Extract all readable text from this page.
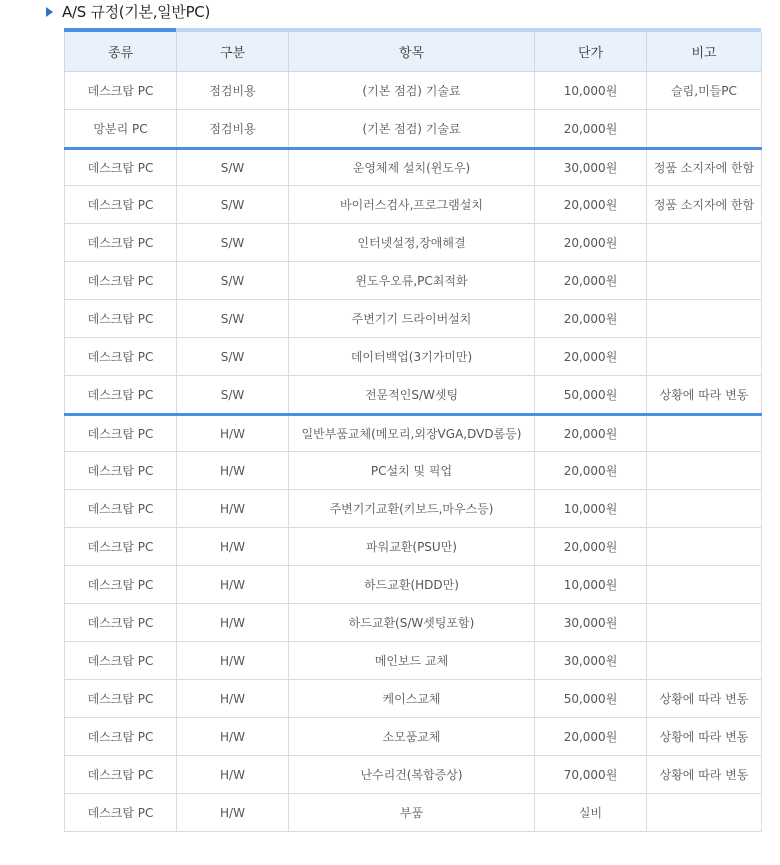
A/S 규정(기본,일반PC)
종류	구분	항목	단가	비고
데스크탑 PC	점검비용	(기본 점검) 기술료	10,000원	슬림,미들PC
망분리 PC	점검비용	(기본 점검) 기술료	20,000원	
데스크탑 PC	S/W	운영체제 설치(윈도우)	30,000원	정품 소지자에 한함
데스크탑 PC	S/W	바이러스검사,프로그램설치	20,000원	정품 소지자에 한함
데스크탑 PC	S/W	인터넷설정,장애해결	20,000원	
데스크탑 PC	S/W	윈도우오류,PC최적화	20,000원	
데스크탑 PC	S/W	주변기기 드라이버설치	20,000원	
데스크탑 PC	S/W	데이터백업(3기가미만)	20,000원	
데스크탑 PC	S/W	전문적인S/W셋팅	50,000원	상황에 따라 변동
데스크탑 PC	H/W	일반부품교체(메모리,외장VGA,DVD롬등)	20,000원	
데스크탑 PC	H/W	PC설치 및 픽업	20,000원	
데스크탑 PC	H/W	주변기기교환(키보드,마우스등)	10,000원	
데스크탑 PC	H/W	파워교환(PSU만)	20,000원	
데스크탑 PC	H/W	하드교환(HDD만)	10,000원	
데스크탑 PC	H/W	하드교환(S/W셋팅포함)	30,000원	
데스크탑 PC	H/W	메인보드 교체	30,000원	
데스크탑 PC	H/W	케이스교체	50,000원	상황에 따라 변동
데스크탑 PC	H/W	소모품교체	20,000원	상황에 따라 변동
데스크탑 PC	H/W	난수리건(복합증상)	70,000원	상황에 따라 변동
데스크탑 PC	H/W	부품	실비	
